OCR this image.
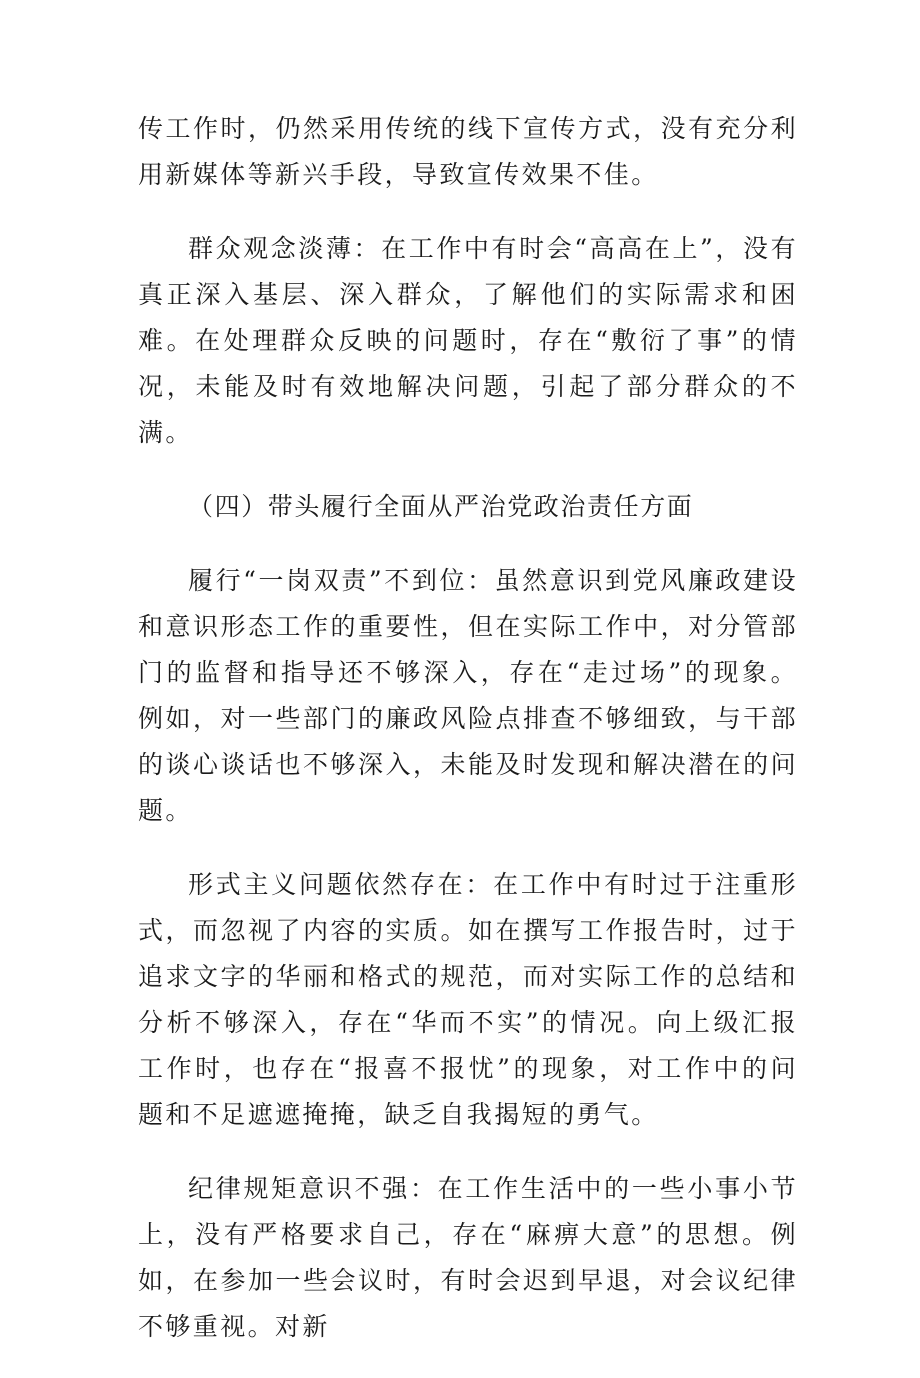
传工作时，仍然采用传统的线下宣传方式，没有充分利用新媒体等新兴手段，导致宣传效果不佳。

群众观念淡薄：在工作中有时会“高高在上”，没有真正深入基层、深入群众，了解他们的实际需求和困难。在处理群众反映的问题时，存在“敷衍了事”的情况，未能及时有效地解决问题，引起了部分群众的不满。

（四）带头履行全面从严治党政治责任方面

履行“一岗双责”不到位：虽然意识到党风廉政建设和意识形态工作的重要性，但在实际工作中，对分管部门的监督和指导还不够深入，存在“走过场”的现象。例如，对一些部门的廉政风险点排查不够细致，与干部的谈心谈话也不够深入，未能及时发现和解决潜在的问题。

形式主义问题依然存在：在工作中有时过于注重形式，而忽视了内容的实质。如在撰写工作报告时，过于追求文字的华丽和格式的规范，而对实际工作的总结和分析不够深入，存在“华而不实”的情况。向上级汇报工作时，也存在“报喜不报忧”的现象，对工作中的问题和不足遮遮掩掩，缺乏自我揭短的勇气。

纪律规矩意识不强：在工作生活中的一些小事小节上，没有严格要求自己，存在“麻痹大意”的思想。例如，在参加一些会议时，有时会迟到早退，对会议纪律不够重视。对新
